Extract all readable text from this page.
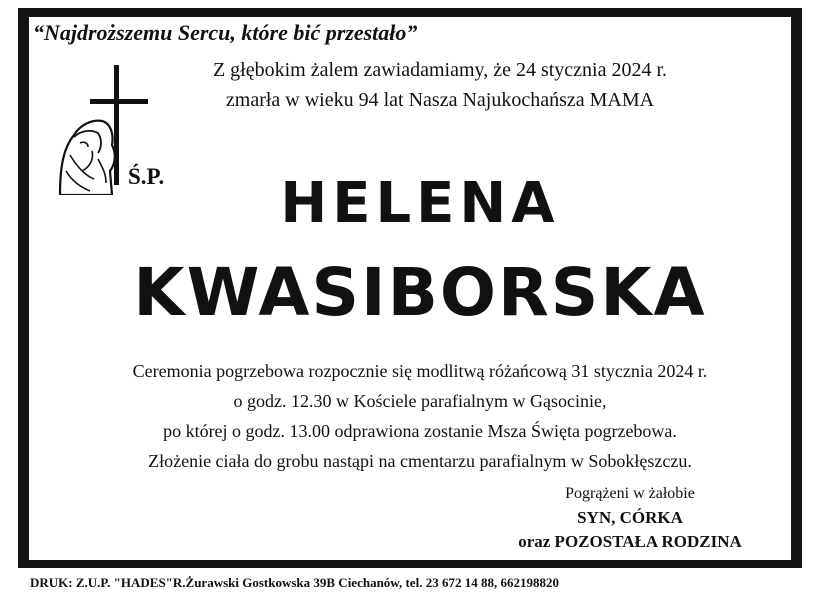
“Najdroższemu Sercu, które bić przestało”

Z głębokim żalem zawiadamiamy, że 24 stycznia 2024 r.
zmarła w wieku 94 lat Nasza Najukochańsza MAMA

Ś.P.	HELENA
KWASIBORSKA

Ceremonia pogrzebowa rozpocznie się modlitwą różańcową 31 stycznia 2024 r.
o godz. 12.30 w Kościele parafialnym w Gąsocinie,
po której o godz. 13.00 odprawiona zostanie Msza Święta pogrzebowa.
Złożenie ciała do grobu nastąpi na cmentarzu parafialnym w Sobokłęszczu.

Pogrążeni w żałobie
SYN, CÓRKA
oraz POZOSTAŁA RODZINA

DRUK: Z.U.P. "HADES"R.Żurawski Gostkowska 39B Ciechanów, tel. 23 672 14 88, 662198820
